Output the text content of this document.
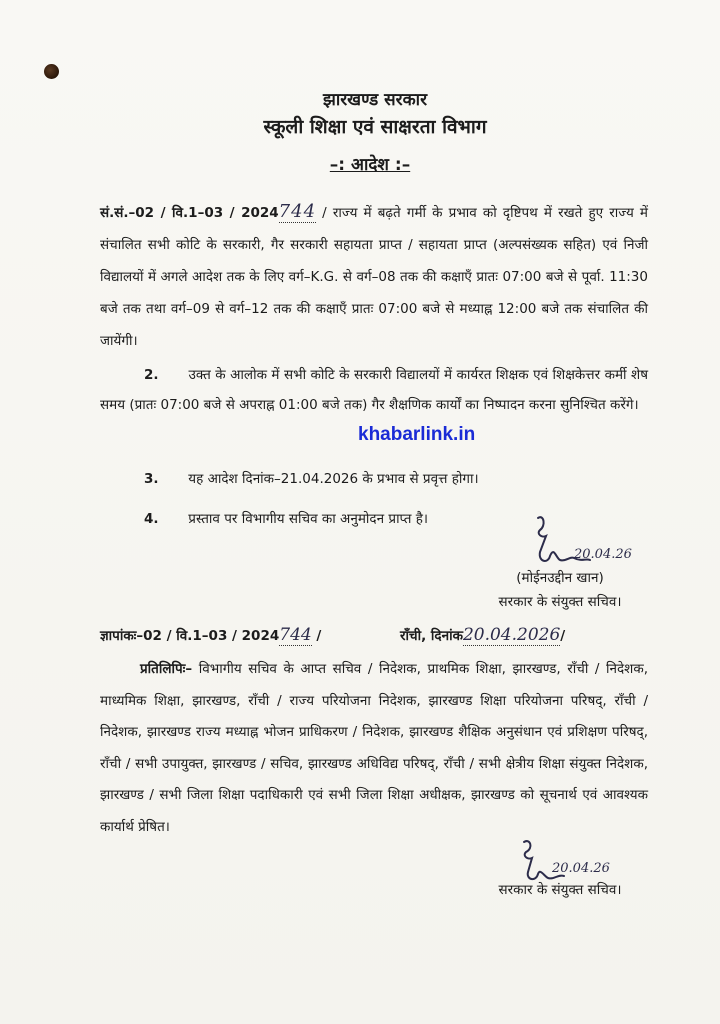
झारखण्ड सरकार
स्कूली शिक्षा एवं साक्षरता विभाग
–: आदेश :–
सं.सं.–02 / वि.1–03 / 2024744 / राज्य में बढ़ते गर्मी के प्रभाव को दृष्टिपथ में रखते हुए राज्य में संचालित सभी कोटि के सरकारी, गैर सरकारी सहायता प्राप्त / सहायता प्राप्त (अल्पसंख्यक सहित) एवं निजी विद्यालयों में अगले आदेश तक के लिए वर्ग–K.G. से वर्ग–08 तक की कक्षाएँ प्रातः 07:00 बजे से पूर्वा. 11:30 बजे तक तथा वर्ग–09 से वर्ग–12 तक की कक्षाएँ प्रातः 07:00 बजे से मध्याह्न 12:00 बजे तक संचालित की जायेंगी।
2. उक्त के आलोक में सभी कोटि के सरकारी विद्यालयों में कार्यरत शिक्षक एवं शिक्षकेत्तर कर्मी शेष समय (प्रातः 07:00 बजे से अपराह्न 01:00 बजे तक) गैर शैक्षणिक कार्यों का निष्पादन करना सुनिश्चित करेंगे।
khabarlink.in
3. यह आदेश दिनांक–21.04.2026 के प्रभाव से प्रवृत्त होगा।
4. प्रस्ताव पर विभागीय सचिव का अनुमोदन प्राप्त है।
20.04.26
(मोईनउद्दीन खान)
सरकार के संयुक्त सचिव।
ज्ञापांकः–02 / वि.1–03 / 2024744 /	राँची, दिनांक20.04.2026/
प्रतिलिपिः– विभागीय सचिव के आप्त सचिव / निदेशक, प्राथमिक शिक्षा, झारखण्ड, राँची / निदेशक, माध्यमिक शिक्षा, झारखण्ड, राँची / राज्य परियोजना निदेशक, झारखण्ड शिक्षा परियोजना परिषद्, राँची / निदेशक, झारखण्ड राज्य मध्याह्न भोजन प्राधिकरण / निदेशक, झारखण्ड शैक्षिक अनुसंधान एवं प्रशिक्षण परिषद्, राँची / सभी उपायुक्त, झारखण्ड / सचिव, झारखण्ड अधिविद्य परिषद्, राँची / सभी क्षेत्रीय शिक्षा संयुक्त निदेशक, झारखण्ड / सभी जिला शिक्षा पदाधिकारी एवं सभी जिला शिक्षा अधीक्षक, झारखण्ड को सूचनार्थ एवं आवश्यक कार्यार्थ प्रेषित।
20.04.26
सरकार के संयुक्त सचिव।
